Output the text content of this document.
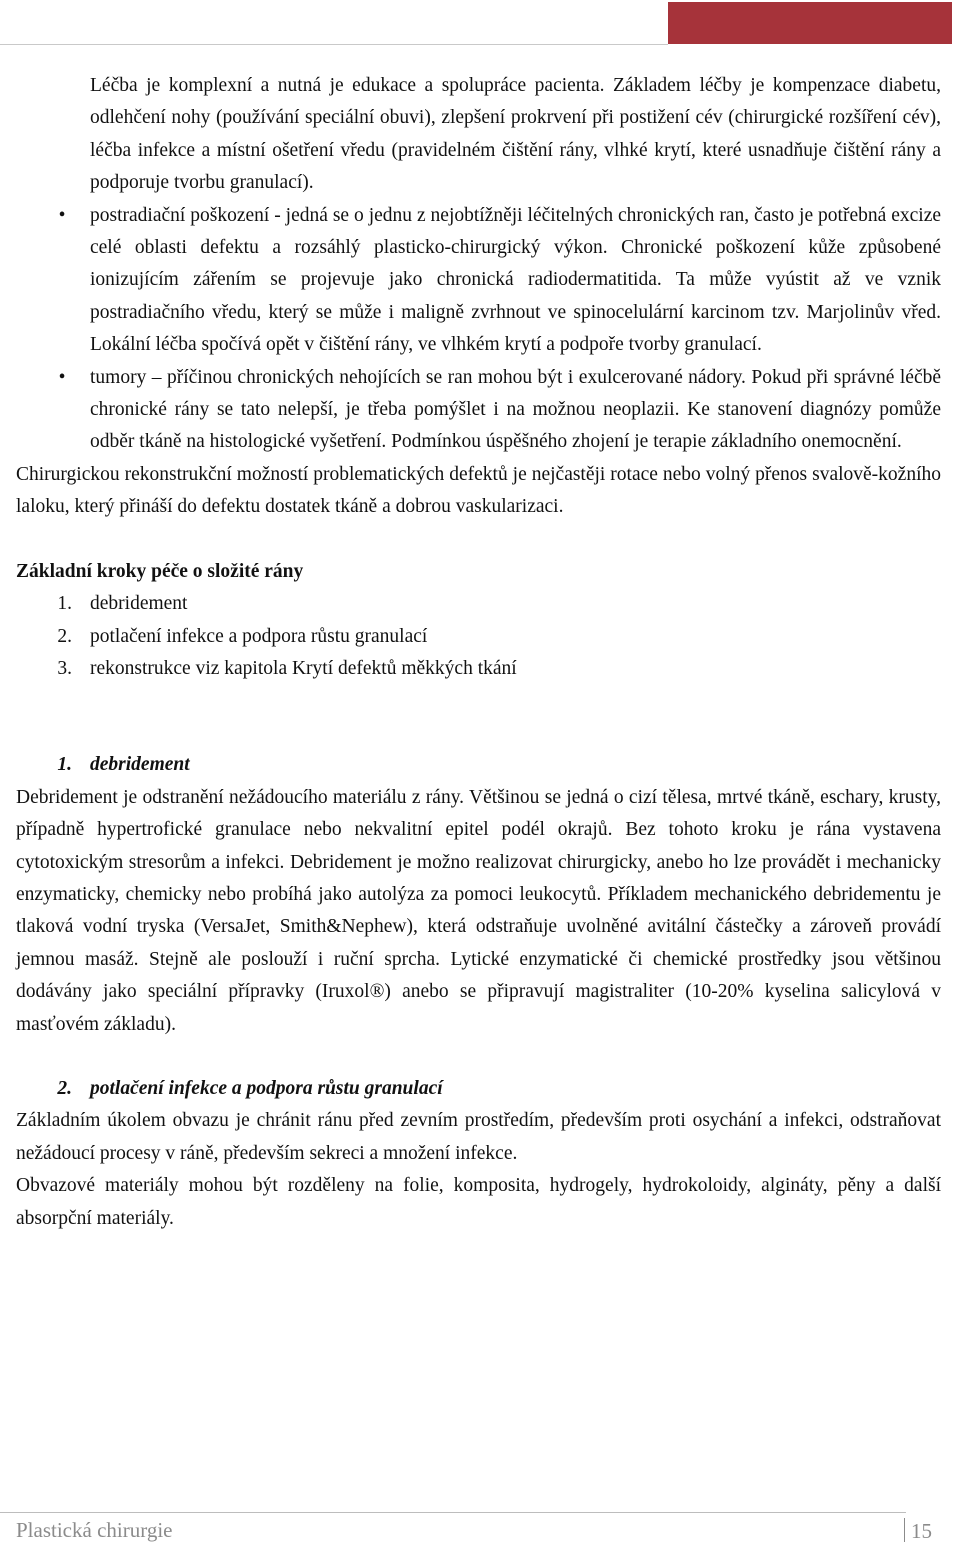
Léčba je komplexní a nutná je edukace a spolupráce pacienta. Základem léčby je kompenzace diabetu, odlehčení nohy (používání speciální obuvi), zlepšení prokrvení při postižení cév (chirurgické rozšíření cév), léčba infekce a místní ošetření vředu (pravidelném čištění rány, vlhké krytí, které usnadňuje čištění rány a podporuje tvorbu granulací).

•	postradiační poškození - jedná se o jednu z nejobtížněji léčitelných chronických ran, často je potřebná excize celé oblasti defektu a rozsáhlý plasticko-chirurgický výkon. Chronické poškození kůže způsobené ionizujícím zářením se projevuje jako chronická radiodermatitida. Ta může vyústit až ve vznik postradiačního vředu, který se může i maligně zvrhnout ve spinocelulární karcinom tzv. Marjolinův vřed. Lokální léčba spočívá opět v čištění rány, ve vlhkém krytí a podpoře tvorby granulací.
•	tumory – příčinou chronických nehojících se ran mohou být i exulcerované nádory. Pokud při správné léčbě chronické rány se tato nelepší, je třeba pomýšlet i na možnou neoplazii. Ke stanovení diagnózy pomůže odběr tkáně na histologické vyšetření. Podmínkou úspěšného zhojení je terapie základního onemocnění.

Chirurgickou rekonstrukční možností problematických defektů je nejčastěji rotace nebo volný přenos svalově-kožního laloku, který přináší do defektu dostatek tkáně a dobrou vaskularizaci.

Základní kroky péče o složité rány
1. debridement
2. potlačení infekce a podpora růstu granulací
3. rekonstrukce viz kapitola Krytí defektů měkkých tkání
1. debridement

Debridement je odstranění nežádoucího materiálu z rány. Většinou se jedná o cizí tělesa, mrtvé tkáně, eschary, krusty, případně hypertrofické granulace nebo nekvalitní epitel podél okrajů. Bez tohoto kroku je rána vystavena cytotoxickým stresorům a infekci. Debridement je možno realizovat chirurgicky, anebo ho lze provádět i mechanicky enzymaticky, chemicky nebo probíhá jako autolýza za pomoci leukocytů. Příkladem mechanického debridementu je tlaková vodní tryska (VersaJet, Smith&Nephew), která odstraňuje uvolněné avitální částečky a zároveň provádí jemnou masáž. Stejně ale poslouží i ruční sprcha. Lytické enzymatické či chemické prostředky jsou většinou dodávány jako speciální přípravky (Iruxol®) anebo se připravují magistraliter (10-20% kyselina salicylová v masťovém základu).

2. potlačení infekce a podpora růstu granulací

Základním úkolem obvazu je chránit ránu před zevním prostředím, především proti osychání a infekci, odstraňovat nežádoucí procesy v ráně, především sekreci a množení infekce.

Obvazové materiály mohou být rozděleny na folie, komposita, hydrogely, hydrokoloidy, algináty, pěny a další absorpční materiály.

Plastická chirurgie	15
